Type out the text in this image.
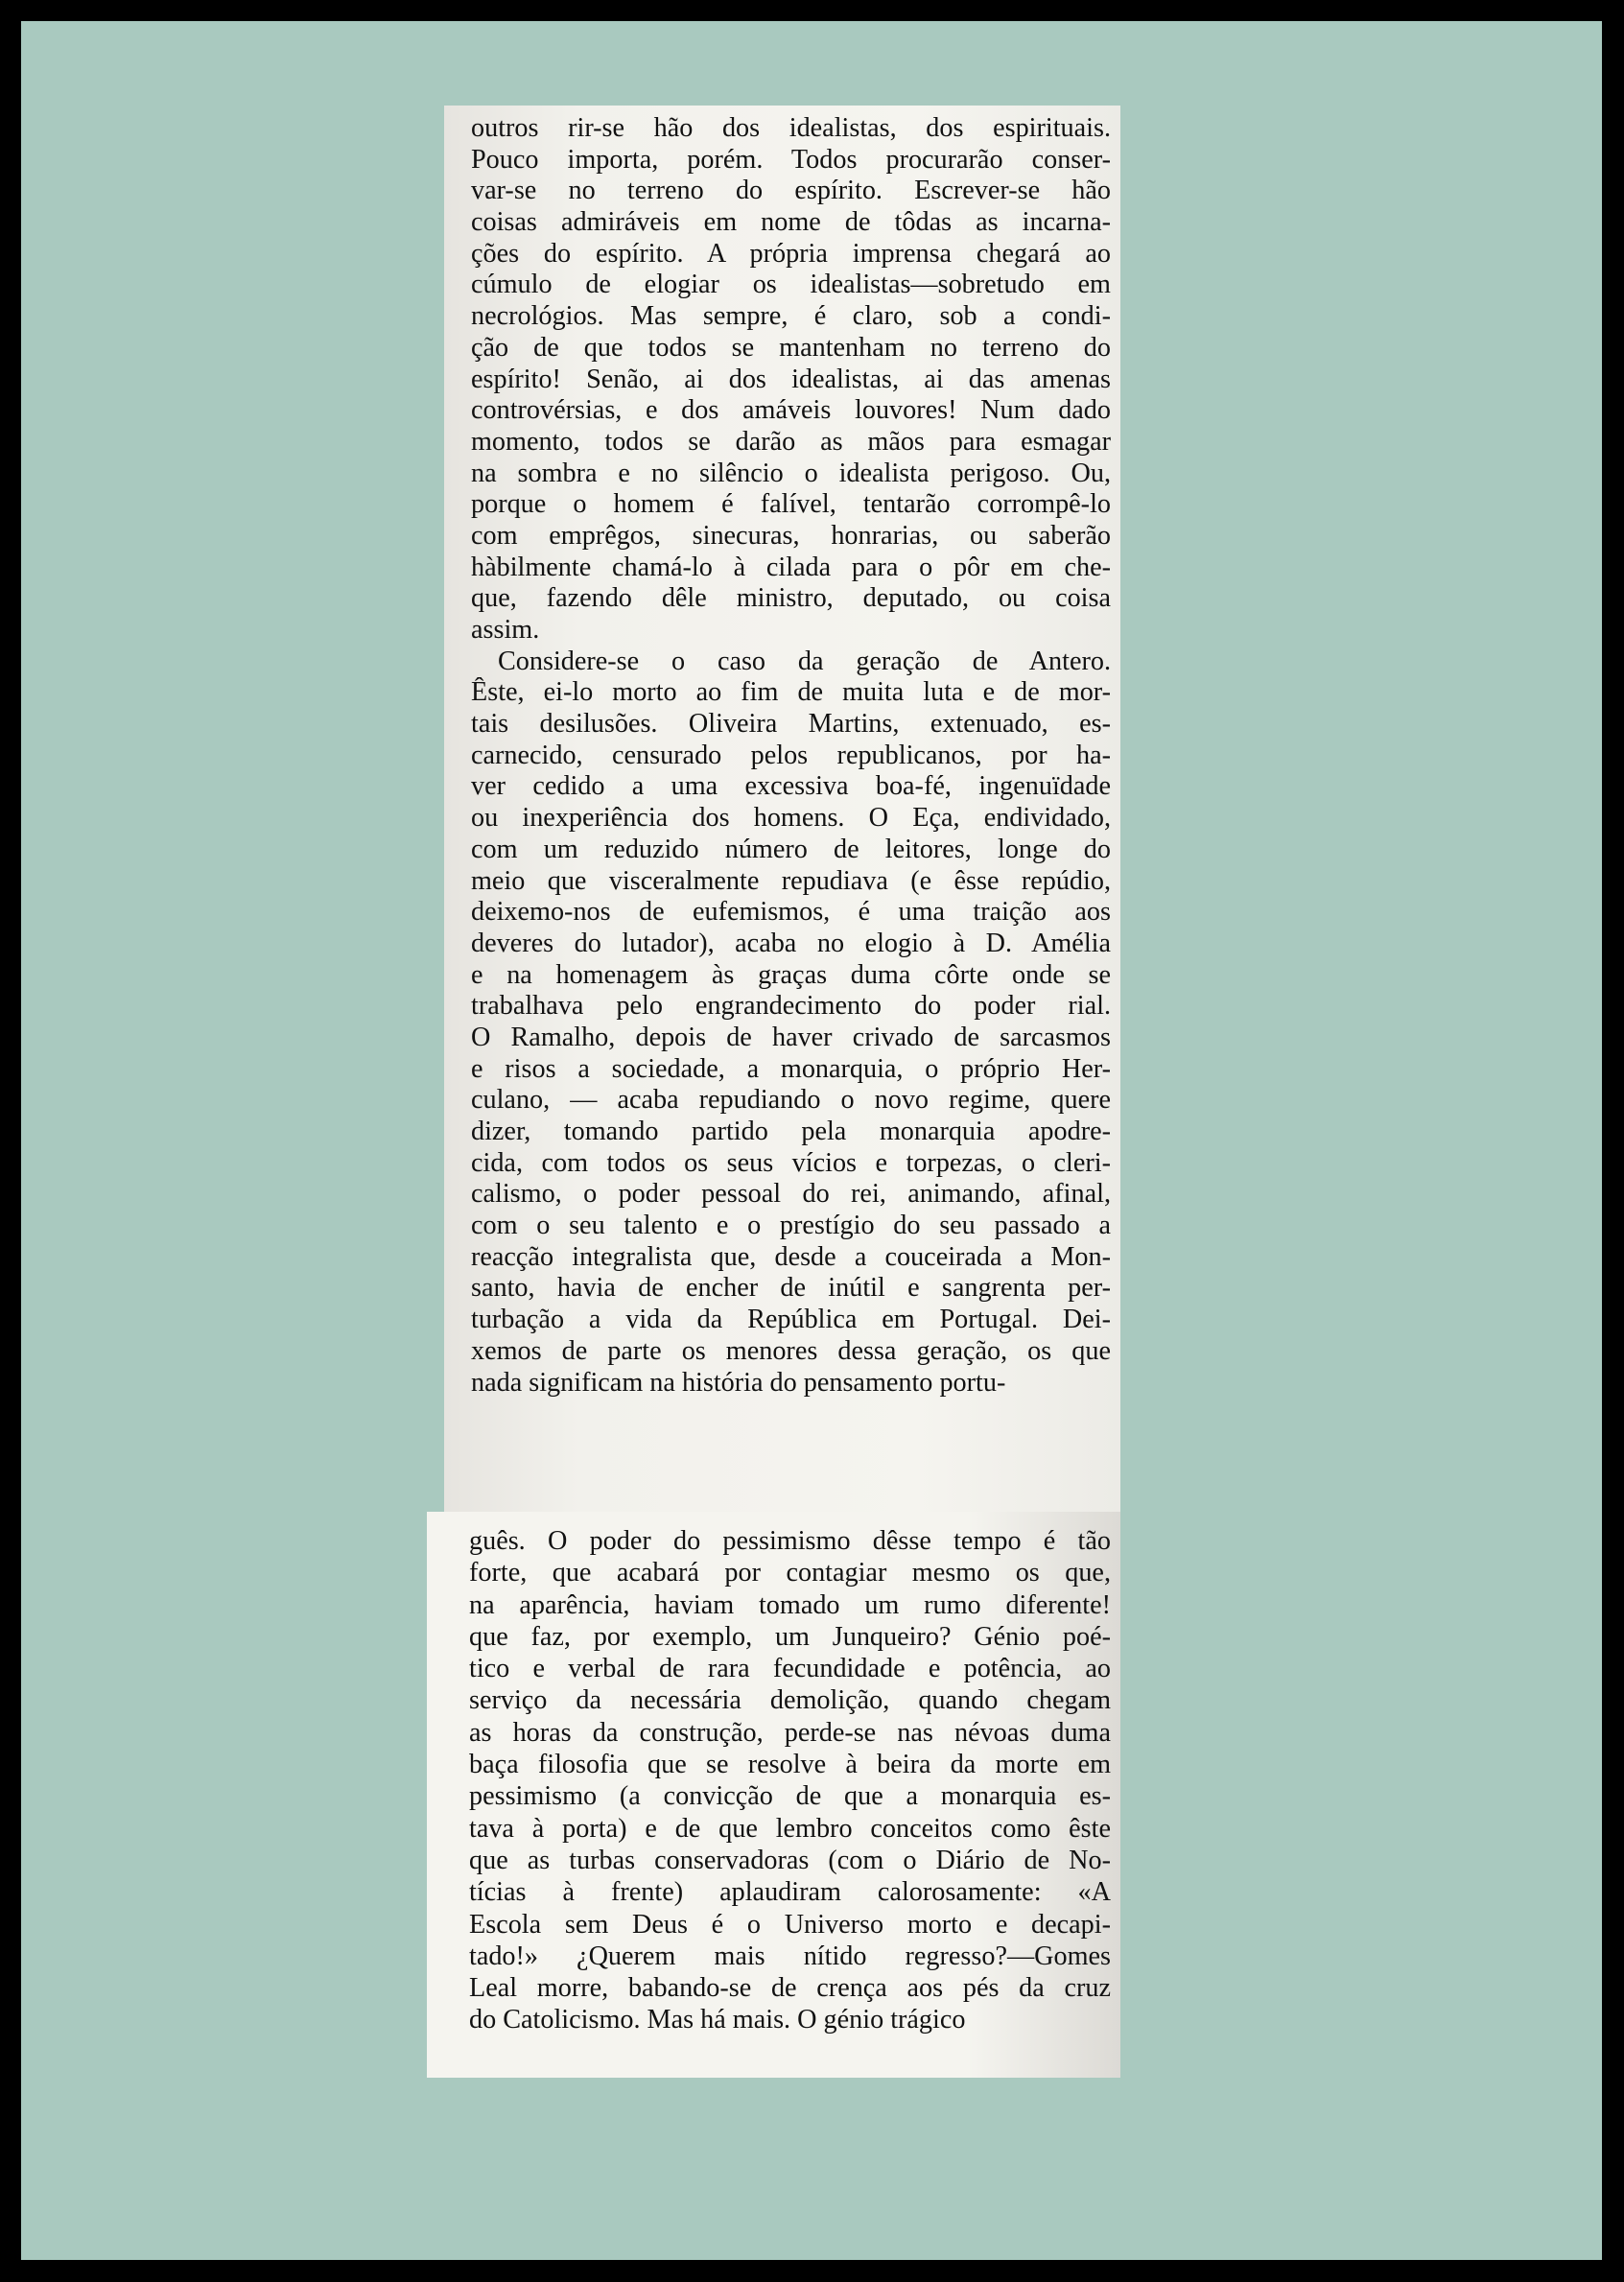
outros rir-se hão dos idealistas, dos espirituais.
Pouco importa, porém. Todos procurarão conser-
var-se no terreno do espírito. Escrever-se hão
coisas admiráveis em nome de tôdas as incarna-
ções do espírito. A própria imprensa chegará ao
cúmulo de elogiar os idealistas—sobretudo em
necrológios. Mas sempre, é claro, sob a condi-
ção de que todos se mantenham no terreno do
espírito! Senão, ai dos idealistas, ai das amenas
controvérsias, e dos amáveis louvores! Num dado
momento, todos se darão as mãos para esmagar
na sombra e no silêncio o idealista perigoso. Ou,
porque o homem é falível, tentarão corrompê-lo
com emprêgos, sinecuras, honrarias, ou saberão
hàbilmente chamá-lo à cilada para o pôr em che-
que, fazendo dêle ministro, deputado, ou coisa
assim.
Considere-se o caso da geração de Antero.
Êste, ei-lo morto ao fim de muita luta e de mor-
tais desilusões. Oliveira Martins, extenuado, es-
carnecido, censurado pelos republicanos, por ha-
ver cedido a uma excessiva boa-fé, ingenuïdade
ou inexperiência dos homens. O Eça, endividado,
com um reduzido número de leitores, longe do
meio que visceralmente repudiava (e êsse repúdio,
deixemo-nos de eufemismos, é uma traição aos
deveres do lutador), acaba no elogio à D. Amélia
e na homenagem às graças duma côrte onde se
trabalhava pelo engrandecimento do poder rial.
O Ramalho, depois de haver crivado de sarcasmos
e risos a sociedade, a monarquia, o próprio Her-
culano, — acaba repudiando o novo regime, quere
dizer, tomando partido pela monarquia apodre-
cida, com todos os seus vícios e torpezas, o cleri-
calismo, o poder pessoal do rei, animando, afinal,
com o seu talento e o prestígio do seu passado a
reacção integralista que, desde a couceirada a Mon-
santo, havia de encher de inútil e sangrenta per-
turbação a vida da República em Portugal. Dei-
xemos de parte os menores dessa geração, os que
nada significam na história do pensamento portu-
guês. O poder do pessimismo dêsse tempo é tão
forte, que acabará por contagiar mesmo os que,
na aparência, haviam tomado um rumo diferente!
que faz, por exemplo, um Junqueiro? Génio poé-
tico e verbal de rara fecundidade e potência, ao
serviço da necessária demolição, quando chegam
as horas da construção, perde-se nas névoas duma
baça filosofia que se resolve à beira da morte em
pessimismo (a convicção de que a monarquia es-
tava à porta) e de que lembro conceitos como êste
que as turbas conservadoras (com o Diário de No-
tícias à frente) aplaudiram calorosamente: «A
Escola sem Deus é o Universo morto e decapi-
tado!» ¿Querem mais nítido regresso?—Gomes
Leal morre, babando-se de crença aos pés da cruz
do Catolicismo. Mas há mais. O génio trágico
